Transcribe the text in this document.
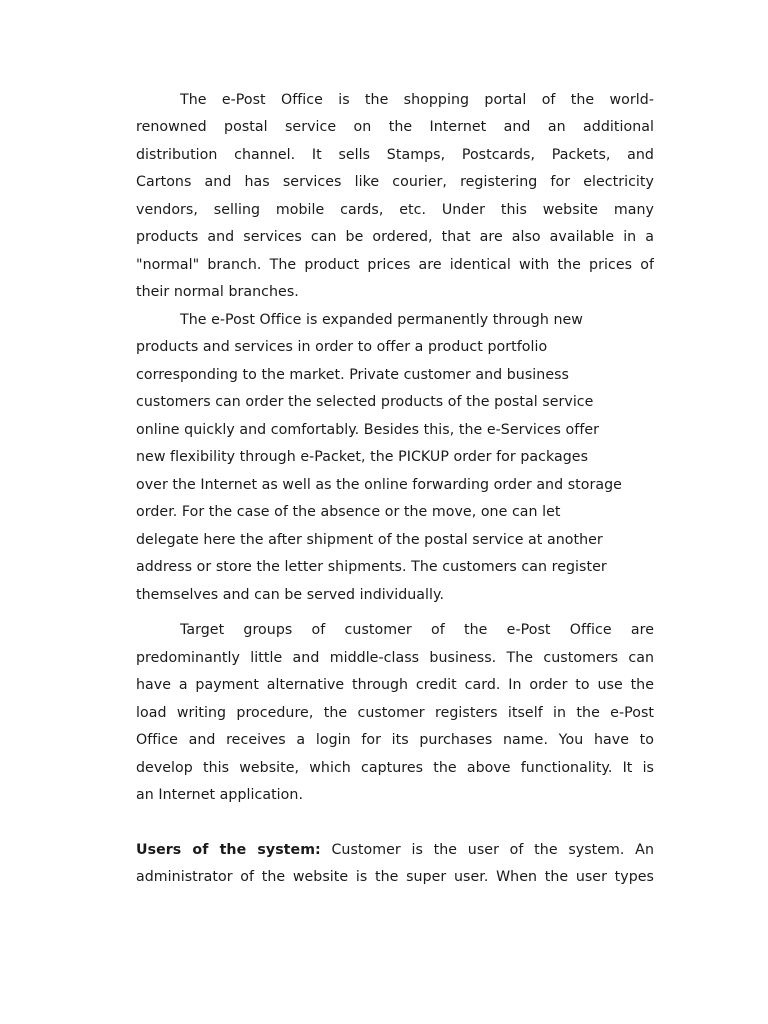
The e-Post Office is the shopping portal of the world-
renowned postal service on the Internet and an additional
distribution channel. It sells Stamps, Postcards, Packets, and
Cartons and has services like courier, registering for electricity
vendors, selling mobile cards, etc. Under this website many
products and services can be ordered, that are also available in a
"normal" branch. The product prices are identical with the prices of
their normal branches.
The e-Post Office is expanded permanently through new
products and services in order to offer a product portfolio
corresponding to the market. Private customer and business
customers can order the selected products of the postal service
online quickly and comfortably. Besides this, the e-Services offer
new flexibility through e-Packet, the PICKUP order for packages
over the Internet as well as the online forwarding order and storage
order. For the case of the absence or the move, one can let
delegate here the after shipment of the postal service at another
address or store the letter shipments. The customers can register
themselves and can be served individually.
Target groups of customer of the e-Post Office are
predominantly little and middle-class business. The customers can
have a payment alternative through credit card. In order to use the
load writing procedure, the customer registers itself in the e-Post
Office and receives a login for its purchases name. You have to
develop this website, which captures the above functionality. It is
an Internet application.
Users of the system: Customer is the user of the system. An
administrator of the website is the super user. When the user types
